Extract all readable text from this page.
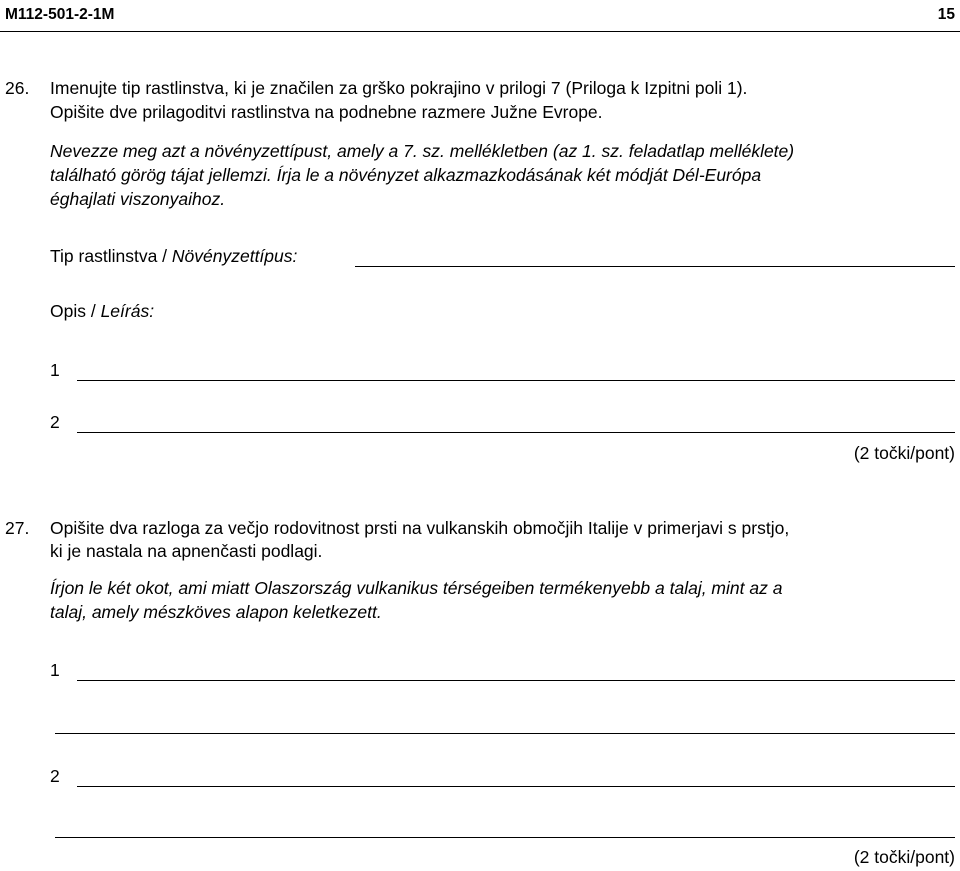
M112-501-2-1M	15
26. Imenujte tip rastlinstva, ki je značilen za grško pokrajino v prilogi 7 (Priloga k Izpitni poli 1).
Opišite dve prilagoditvi rastlinstva na podnebne razmere Južne Evrope.
Nevezze meg azt a növényzettípust, amely a 7. sz. mellékletben (az 1. sz. feladatlap melléklete)
található görög tájat jellemzi. Írja le a növényzet alkazmazkodásának két módját Dél-Európa
éghajlati viszonyaihoz.
Tip rastlinstva / Növényzettípus:
Opis / Leírás:
1
2
(2 točki/pont)
27. Opišite dva razloga za večjo rodovitnost prsti na vulkanskih območjih Italije v primerjavi s prstjo,
ki je nastala na apnenčasti podlagi.
Írjon le két okot, ami miatt Olaszország vulkanikus térségeiben termékenyebb a talaj, mint az a
talaj, amely mészköves alapon keletkezett.
1
2
(2 točki/pont)
